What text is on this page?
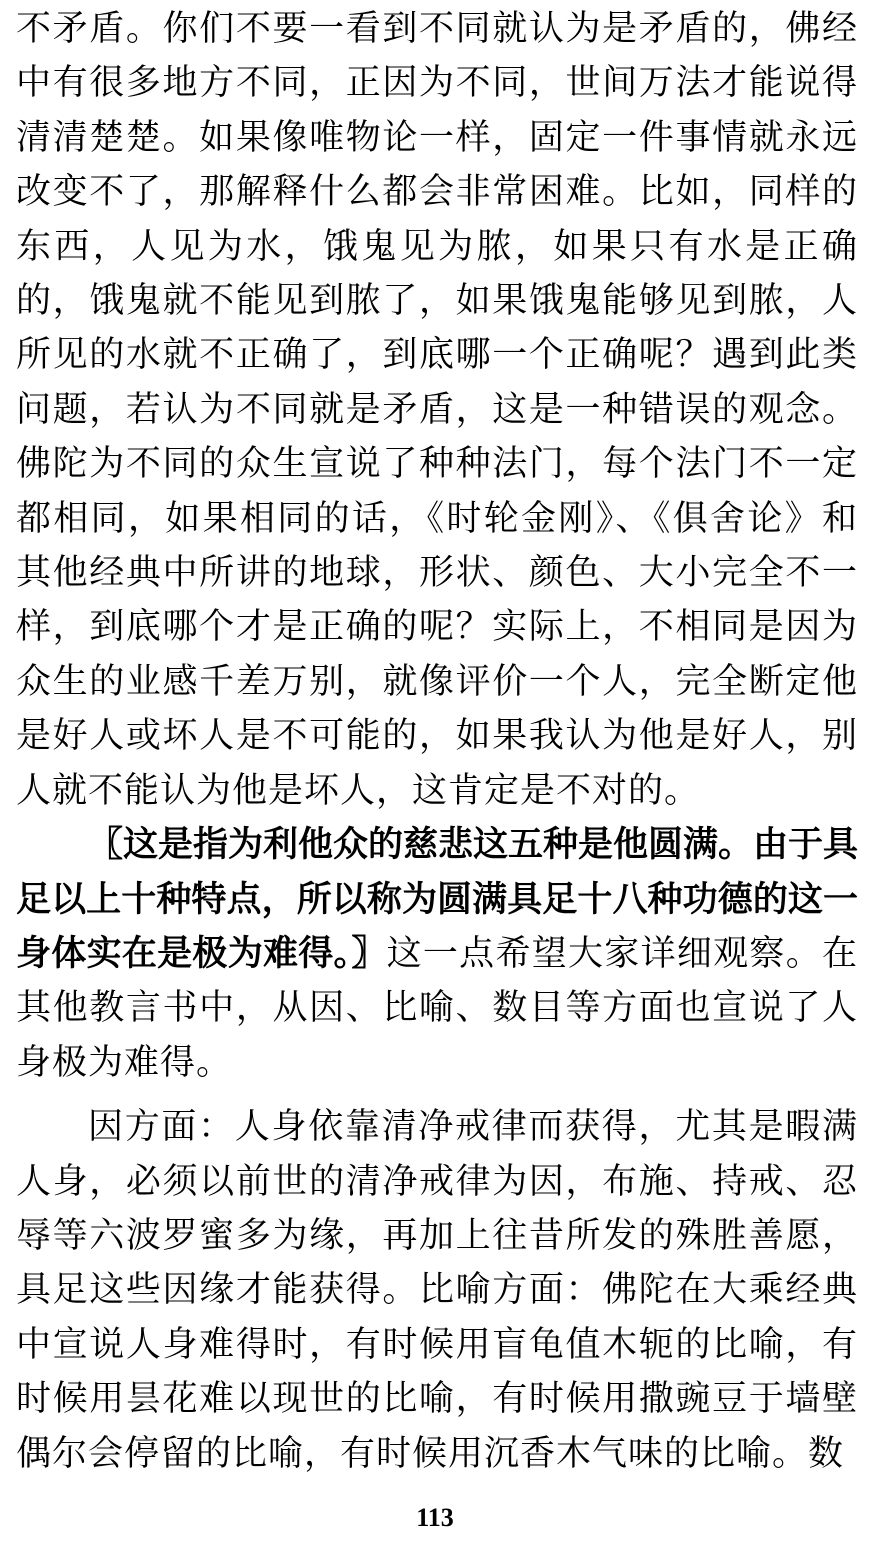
不矛盾。你们不要一看到不同就认为是矛盾的，佛经中有很多地方不同，正因为不同，世间万法才能说得清清楚楚。如果像唯物论一样，固定一件事情就永远改变不了，那解释什么都会非常困难。比如，同样的东西，人见为水，饿鬼见为脓，如果只有水是正确的，饿鬼就不能见到脓了，如果饿鬼能够见到脓，人所见的水就不正确了，到底哪一个正确呢？遇到此类问题，若认为不同就是矛盾，这是一种错误的观念。佛陀为不同的众生宣说了种种法门，每个法门不一定都相同，如果相同的话，《时轮金刚》、《俱舍论》和其他经典中所讲的地球，形状、颜色、大小完全不一样，到底哪个才是正确的呢？实际上，不相同是因为众生的业感千差万别，就像评价一个人，完全断定他是好人或坏人是不可能的，如果我认为他是好人，别人就不能认为他是坏人，这肯定是不对的。

〖这是指为利他众的慈悲这五种是他圆满。由于具足以上十种特点，所以称为圆满具足十八种功德的这一身体实在是极为难得。〗这一点希望大家详细观察。在其他教言书中，从因、比喻、数目等方面也宣说了人身极为难得。

因方面：人身依靠清净戒律而获得，尤其是暇满人身，必须以前世的清净戒律为因，布施、持戒、忍辱等六波罗蜜多为缘，再加上往昔所发的殊胜善愿，具足这些因缘才能获得。比喻方面：佛陀在大乘经典中宣说人身难得时，有时候用盲龟值木轭的比喻，有时候用昙花难以现世的比喻，有时候用撒豌豆于墙壁偶尔会停留的比喻，有时候用沉香木气味的比喻。数

113
